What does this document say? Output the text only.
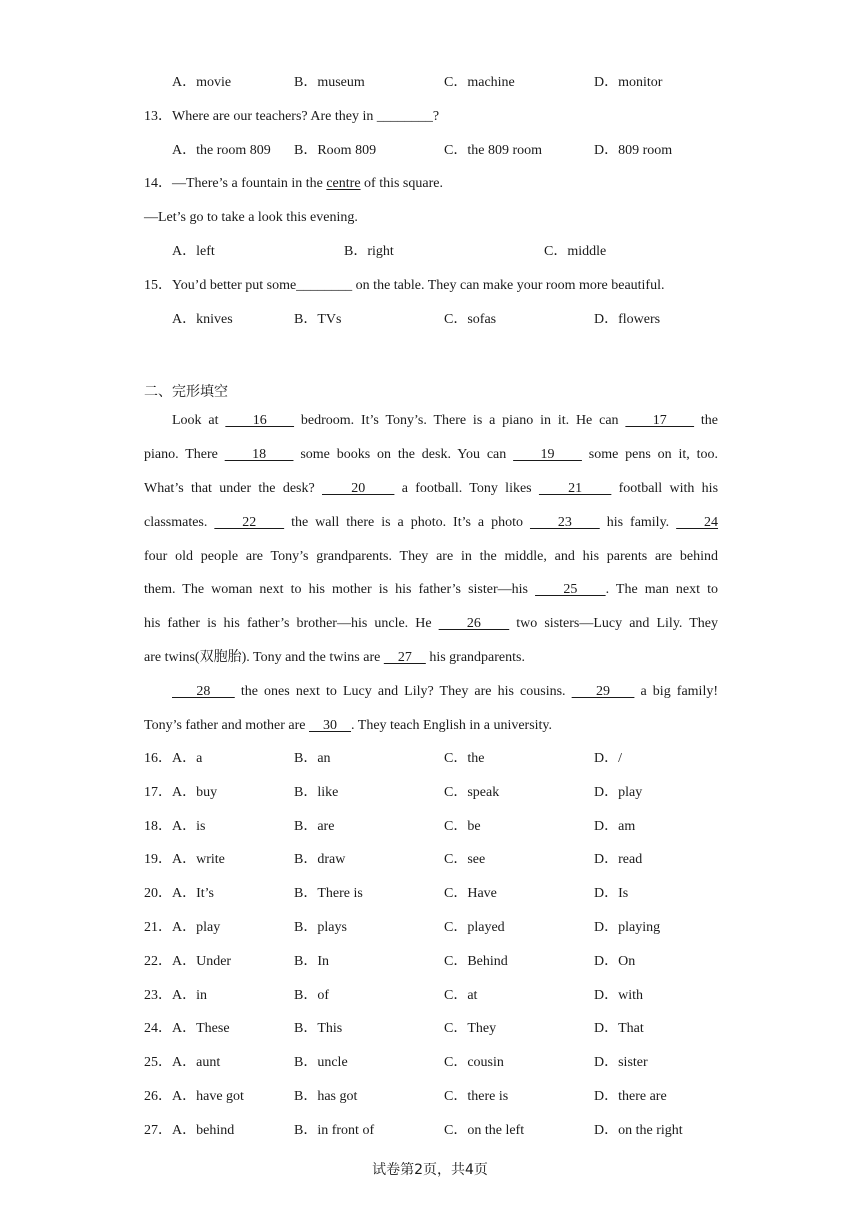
A．movie	B．museum	C．machine	D．monitor
13．Where are our teachers? Are they in ________?
A．the room 809 B．Room 809	C．the 809 room	D．809 room
14．—There’s a fountain in the centre of this square.
—Let’s go to take a look this evening.
A．left	B．right	C．middle
15．You’d better put some________ on the table. They can make your room more beautiful.
A．knives	B．TVs	C．sofas	D．flowers
二、完形填空
Look at     16     bedroom. It’s Tony’s. There is a piano in it. He can     17     the
piano. There     18     some books on the desk. You can     19     some pens on it, too.
What’s that under the desk?     20     a football. Tony likes     21     football with his
classmates.     22     the wall there is a photo. It’s a photo     23     his family.     24
four old people are Tony’s grandparents. They are in the middle, and his parents are behind
them. The woman next to his mother is his father’s sister—his     25    . The man next to
his father is his father’s brother—his uncle. He     26     two sisters—Lucy and Lily. They
are twins(双胞胎). Tony and the twins are     27     his grandparents.
28     the ones next to Lucy and Lily? They are his cousins.     29     a big family!
Tony’s father and mother are     30    . They teach English in a university.
16． A．a	B．an	C．the	D．/
17． A．buy	B．like	C．speak	D．play
18． A．is	B．are	C．be	D．am
19． A．write	B．draw	C．see	D．read
20． A．It’s	B．There is	C．Have	D．Is
21． A．play	B．plays	C．played	D．playing
22． A．Under	B．In	C．Behind	D．On
23． A．in	B．of	C．at	D．with
24． A．These	B．This	C．They	D．That
25． A．aunt	B．uncle	C．cousin	D．sister
26． A．have got	B．has got	C．there is	D．there are
27． A．behind	B．in front of	C．on the left	D．on the right
试卷第2页，共4页
